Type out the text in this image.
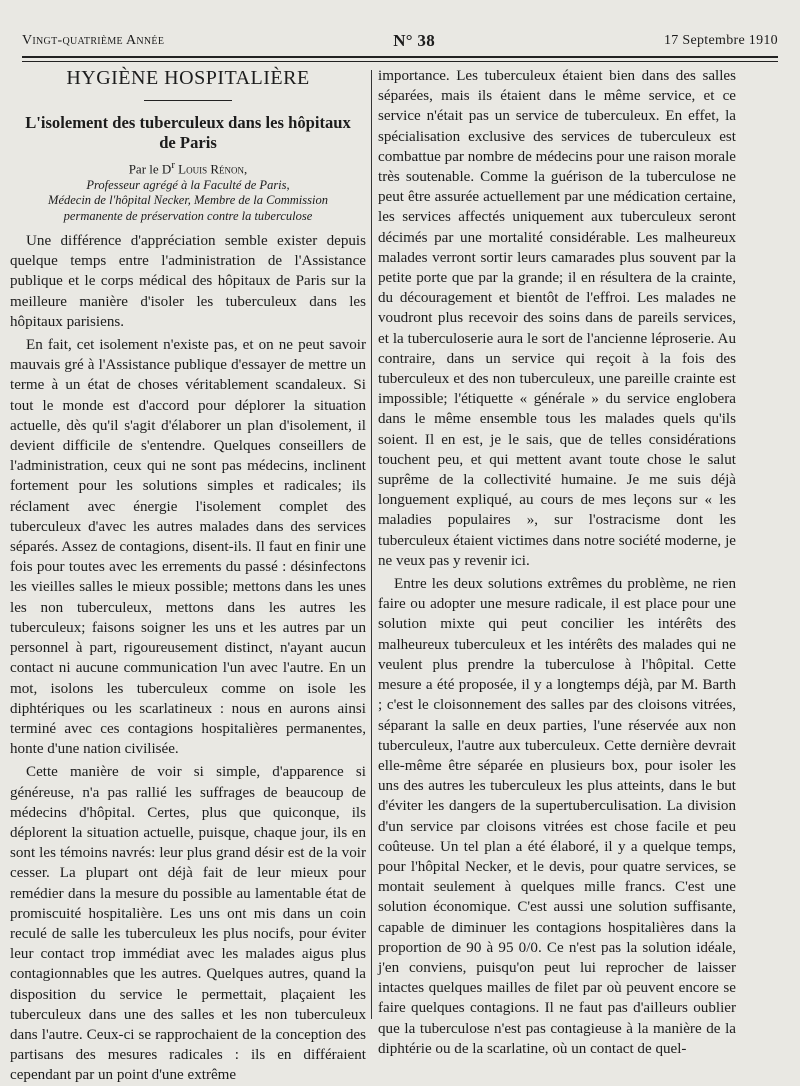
Vingt-quatrième Année	N° 38	17 Septembre 1910
HYGIÈNE HOSPITALIÈRE
L'isolement des tuberculeux dans les hôpitaux de Paris
Par le $D^r$ Louis Rénon,
Professeur agrégé à la Faculté de Paris,
Médecin de l'hôpital Necker, Membre de la Commission
permanente de préservation contre la tuberculose

Une différence d'appréciation semble exister depuis quelque temps entre l'administration de l'Assistance publique et le corps médical des hôpitaux de Paris sur la meilleure manière d'isoler les tuberculeux dans les hôpitaux parisiens.

En fait, cet isolement n'existe pas, et on ne peut savoir mauvais gré à l'Assistance publique d'essayer de mettre un terme à un état de choses véritablement scandaleux. Si tout le monde est d'accord pour déplorer la situation actuelle, dès qu'il s'agit d'élaborer un plan d'isolement, il devient difficile de s'entendre. Quelques conseillers de l'administration, ceux qui ne sont pas médecins, inclinent fortement pour les solutions simples et radicales; ils réclament avec énergie l'isolement complet des tuberculeux d'avec les autres malades dans des services séparés. Assez de contagions, disent-ils. Il faut en finir une fois pour toutes avec les errements du passé : désinfectons les vieilles salles le mieux possible; mettons dans les unes les non tuberculeux, mettons dans les autres les tuberculeux; faisons soigner les uns et les autres par un personnel à part, rigoureusement distinct, n'ayant aucun contact ni aucune communication l'un avec l'autre. En un mot, isolons les tuberculeux comme on isole les diphtériques ou les scarlatineux : nous en aurons ainsi terminé avec ces contagions hospitalières permanentes, honte d'une nation civilisée.

Cette manière de voir si simple, d'apparence si généreuse, n'a pas rallié les suffrages de beaucoup de médecins d'hôpital. Certes, plus que quiconque, ils déplorent la situation actuelle, puisque, chaque jour, ils en sont les témoins navrés: leur plus grand désir est de la voir cesser. La plupart ont déjà fait de leur mieux pour remédier dans la mesure du possible au lamentable état de promiscuité hospitalière. Les uns ont mis dans un coin reculé de salle les tuberculeux les plus nocifs, pour éviter leur contact trop immédiat avec les malades aigus plus contagionnables que les autres. Quelques autres, quand la disposition du service le permettait, plaçaient les tuberculeux dans une des salles et les non tuberculeux dans l'autre. Ceux-ci se rapprochaient de la conception des partisans des mesures radicales : ils en différaient cependant par un point d'une extrême

importance. Les tuberculeux étaient bien dans des salles séparées, mais ils étaient dans le même service, et ce service n'était pas un service de tuberculeux. En effet, la spécialisation exclusive des services de tuberculeux est combattue par nombre de médecins pour une raison morale très soutenable. Comme la guérison de la tuberculose ne peut être assurée actuellement par une médication certaine, les services affectés uniquement aux tuberculeux seront décimés par une mortalité considérable. Les malheureux malades verront sortir leurs camarades plus souvent par la petite porte que par la grande; il en résultera de la crainte, du découragement et bientôt de l'effroi. Les malades ne voudront plus recevoir des soins dans de pareils services, et la tuberculoserie aura le sort de l'ancienne léproserie. Au contraire, dans un service qui reçoit à la fois des tuberculeux et des non tuberculeux, une pareille crainte est impossible; l'étiquette « générale » du service englobera dans le même ensemble tous les malades quels qu'ils soient. Il en est, je le sais, que de telles considérations touchent peu, et qui mettent avant toute chose le salut suprême de la collectivité humaine. Je me suis déjà longuement expliqué, au cours de mes leçons sur « les maladies populaires », sur l'ostracisme dont les tuberculeux étaient victimes dans notre société moderne, je ne veux pas y revenir ici.

Entre les deux solutions extrêmes du problème, ne rien faire ou adopter une mesure radicale, il est place pour une solution mixte qui peut concilier les intérêts des malheureux tuberculeux et les intérêts des malades qui ne veulent plus prendre la tuberculose à l'hôpital. Cette mesure a été proposée, il y a longtemps déjà, par M. Barth ; c'est le cloisonnement des salles par des cloisons vitrées, séparant la salle en deux parties, l'une réservée aux non tuberculeux, l'autre aux tuberculeux. Cette dernière devrait elle-même être séparée en plusieurs box, pour isoler les uns des autres les tuberculeux les plus atteints, dans le but d'éviter les dangers de la supertuberculisation. La division d'un service par cloisons vitrées est chose facile et peu coûteuse. Un tel plan a été élaboré, il y a quelque temps, pour l'hôpital Necker, et le devis, pour quatre services, se montait seulement à quelques mille francs. C'est une solution économique. C'est aussi une solution suffisante, capable de diminuer les contagions hospitalières dans la proportion de 90 à 95 0/0. Ce n'est pas la solution idéale, j'en conviens, puisqu'on peut lui reprocher de laisser intactes quelques mailles de filet par où peuvent encore se faire quelques contagions. Il ne faut pas d'ailleurs oublier que la tuberculose n'est pas contagieuse à la manière de la diphtérie ou de la scarlatine, où un contact de quel-
